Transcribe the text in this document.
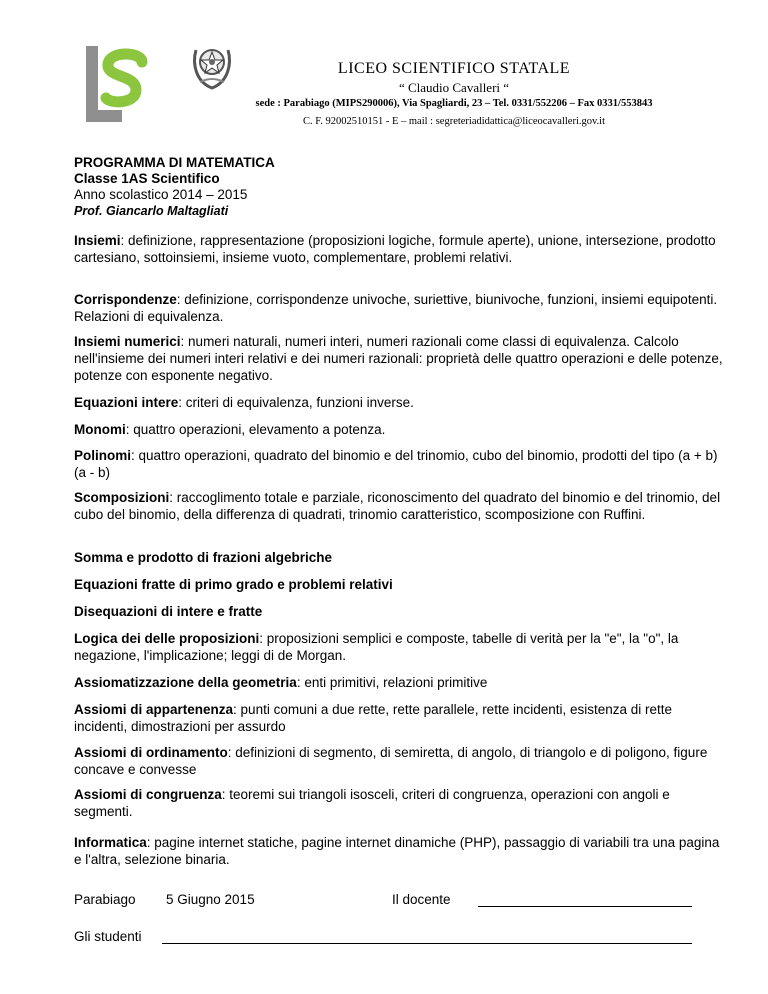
LICEO SCIENTIFICO STATALE
“ Claudio Cavalleri “
sede : Parabiago (MIPS290006), Via Spagliardi, 23 – Tel. 0331/552206 – Fax 0331/553843
C. F. 92002510151 - E – mail : segreteriadidattica@liceocavalleri.gov.it
PROGRAMMA DI MATEMATICA
Classe 1AS Scientifico
Anno scolastico 2014 – 2015
Prof. Giancarlo Maltagliati

Insiemi: definizione, rappresentazione (proposizioni logiche, formule aperte), unione, intersezione, prodotto cartesiano, sottoinsiemi, insieme vuoto, complementare, problemi relativi.

Corrispondenze: definizione, corrispondenze univoche, suriettive, biunivoche, funzioni, insiemi equipotenti. Relazioni di equivalenza.

Insiemi numerici: numeri naturali, numeri interi, numeri razionali come classi di equivalenza. Calcolo nell'insieme dei numeri interi relativi e dei numeri razionali: proprietà delle quattro operazioni e delle potenze, potenze con esponente negativo.

Equazioni intere: criteri di equivalenza, funzioni inverse.

Monomi: quattro operazioni, elevamento a potenza.

Polinomi: quattro operazioni, quadrato del binomio e del trinomio, cubo del binomio, prodotti del tipo (a + b)(a - b)

Scomposizioni: raccoglimento totale e parziale, riconoscimento del quadrato del binomio e del trinomio, del cubo del binomio, della differenza di quadrati, trinomio caratteristico, scomposizione con Ruffini.

Somma e prodotto di frazioni algebriche

Equazioni fratte di primo grado e problemi relativi

Disequazioni di intere e fratte

Logica dei delle proposizioni: proposizioni semplici e composte, tabelle di verità per la "e", la "o", la negazione, l'implicazione; leggi di de Morgan.

Assiomatizzazione della geometria: enti primitivi, relazioni primitive

Assiomi di appartenenza: punti comuni a due rette, rette parallele, rette incidenti, esistenza di rette incidenti, dimostrazioni per assurdo

Assiomi di ordinamento: definizioni di segmento, di semiretta, di angolo, di triangolo e di poligono, figure concave e convesse

Assiomi di congruenza: teoremi sui triangoli isosceli, criteri di congruenza, operazioni con angoli e segmenti.

Informatica: pagine internet statiche, pagine internet dinamiche (PHP), passaggio di variabili tra una pagina e l'altra, selezione binaria.

Parabiago 5 Giugno 2015	Il docente
Gli studenti
